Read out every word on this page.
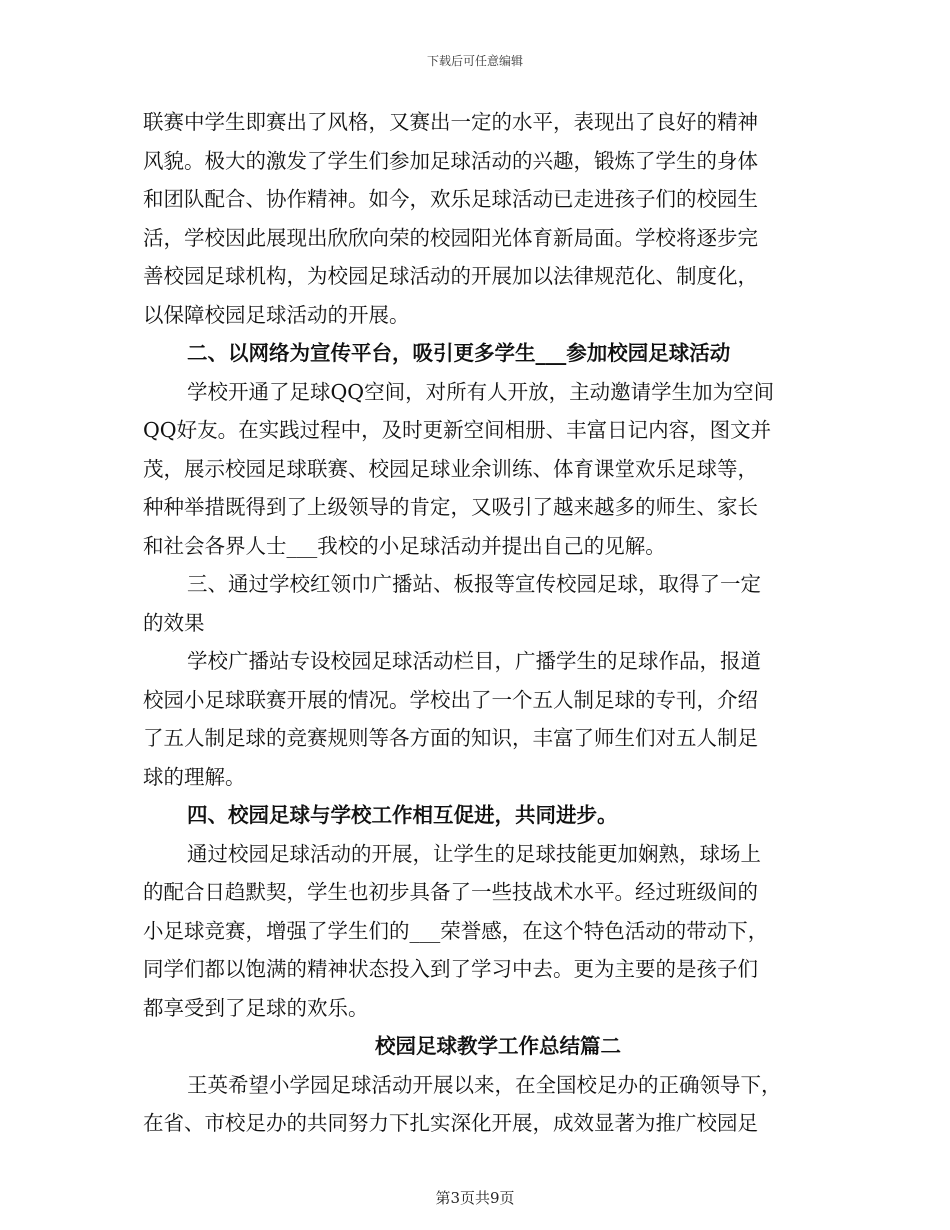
下载后可任意编辑
联赛中学生即赛出了风格，又赛出一定的水平，表现出了良好的精神
风貌。极大的激发了学生们参加足球活动的兴趣，锻炼了学生的身体
和团队配合、协作精神。如今，欢乐足球活动已走进孩子们的校园生
活，学校因此展现出欣欣向荣的校园阳光体育新局面。学校将逐步完
善校园足球机构，为校园足球活动的开展加以法律规范化、制度化，
以保障校园足球活动的开展。
二、以网络为宣传平台，吸引更多学生___参加校园足球活动
学校开通了足球QQ空间，对所有人开放，主动邀请学生加为空间
QQ好友。在实践过程中，及时更新空间相册、丰富日记内容，图文并
茂，展示校园足球联赛、校园足球业余训练、体育课堂欢乐足球等，
种种举措既得到了上级领导的肯定，又吸引了越来越多的师生、家长
和社会各界人士___我校的小足球活动并提出自己的见解。
三、通过学校红领巾广播站、板报等宣传校园足球，取得了一定
的效果
学校广播站专设校园足球活动栏目，广播学生的足球作品，报道
校园小足球联赛开展的情况。学校出了一个五人制足球的专刊，介绍
了五人制足球的竞赛规则等各方面的知识，丰富了师生们对五人制足
球的理解。
四、校园足球与学校工作相互促进，共同进步。
通过校园足球活动的开展，让学生的足球技能更加娴熟，球场上
的配合日趋默契，学生也初步具备了一些技战术水平。经过班级间的
小足球竞赛，增强了学生们的___荣誉感，在这个特色活动的带动下，
同学们都以饱满的精神状态投入到了学习中去。更为主要的是孩子们
都享受到了足球的欢乐。
校园足球教学工作总结篇二
王英希望小学园足球活动开展以来，在全国校足办的正确领导下，
在省、市校足办的共同努力下扎实深化开展，成效显著为推广校园足
第3页共9页
